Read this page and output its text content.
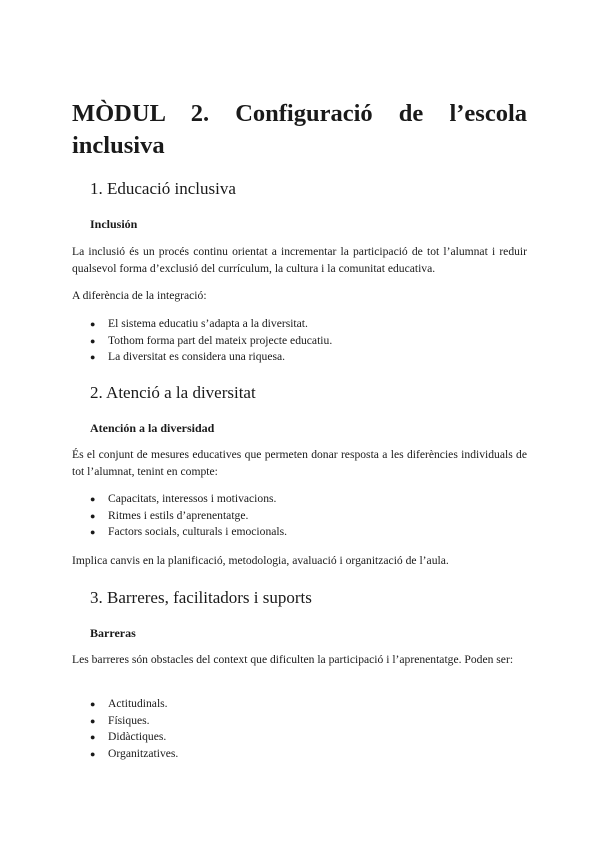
MÒDUL 2. Configuració de l’escola inclusiva
1. Educació inclusiva
Inclusión

La inclusió és un procés continu orientat a incrementar la participació de tot l’alumnat i reduir qualsevol forma d’exclusió del currículum, la cultura i la comunitat educativa.

A diferència de la integració:

● El sistema educatiu s’adapta a la diversitat.
● Tothom forma part del mateix projecte educatiu.
● La diversitat es considera una riquesa.
2. Atenció a la diversitat
Atención a la diversidad

És el conjunt de mesures educatives que permeten donar resposta a les diferències individuals de tot l’alumnat, tenint en compte:

● Capacitats, interessos i motivacions.
● Ritmes i estils d’aprenentatge.
● Factors socials, culturals i emocionals.

Implica canvis en la planificació, metodologia, avaluació i organització de l’aula.

3. Barreres, facilitadors i suports
Barreras

Les barreres són obstacles del context que dificulten la participació i l’aprenentatge. Poden ser:

● Actitudinals.
● Físiques.
● Didàctiques.
● Organitzatives.
